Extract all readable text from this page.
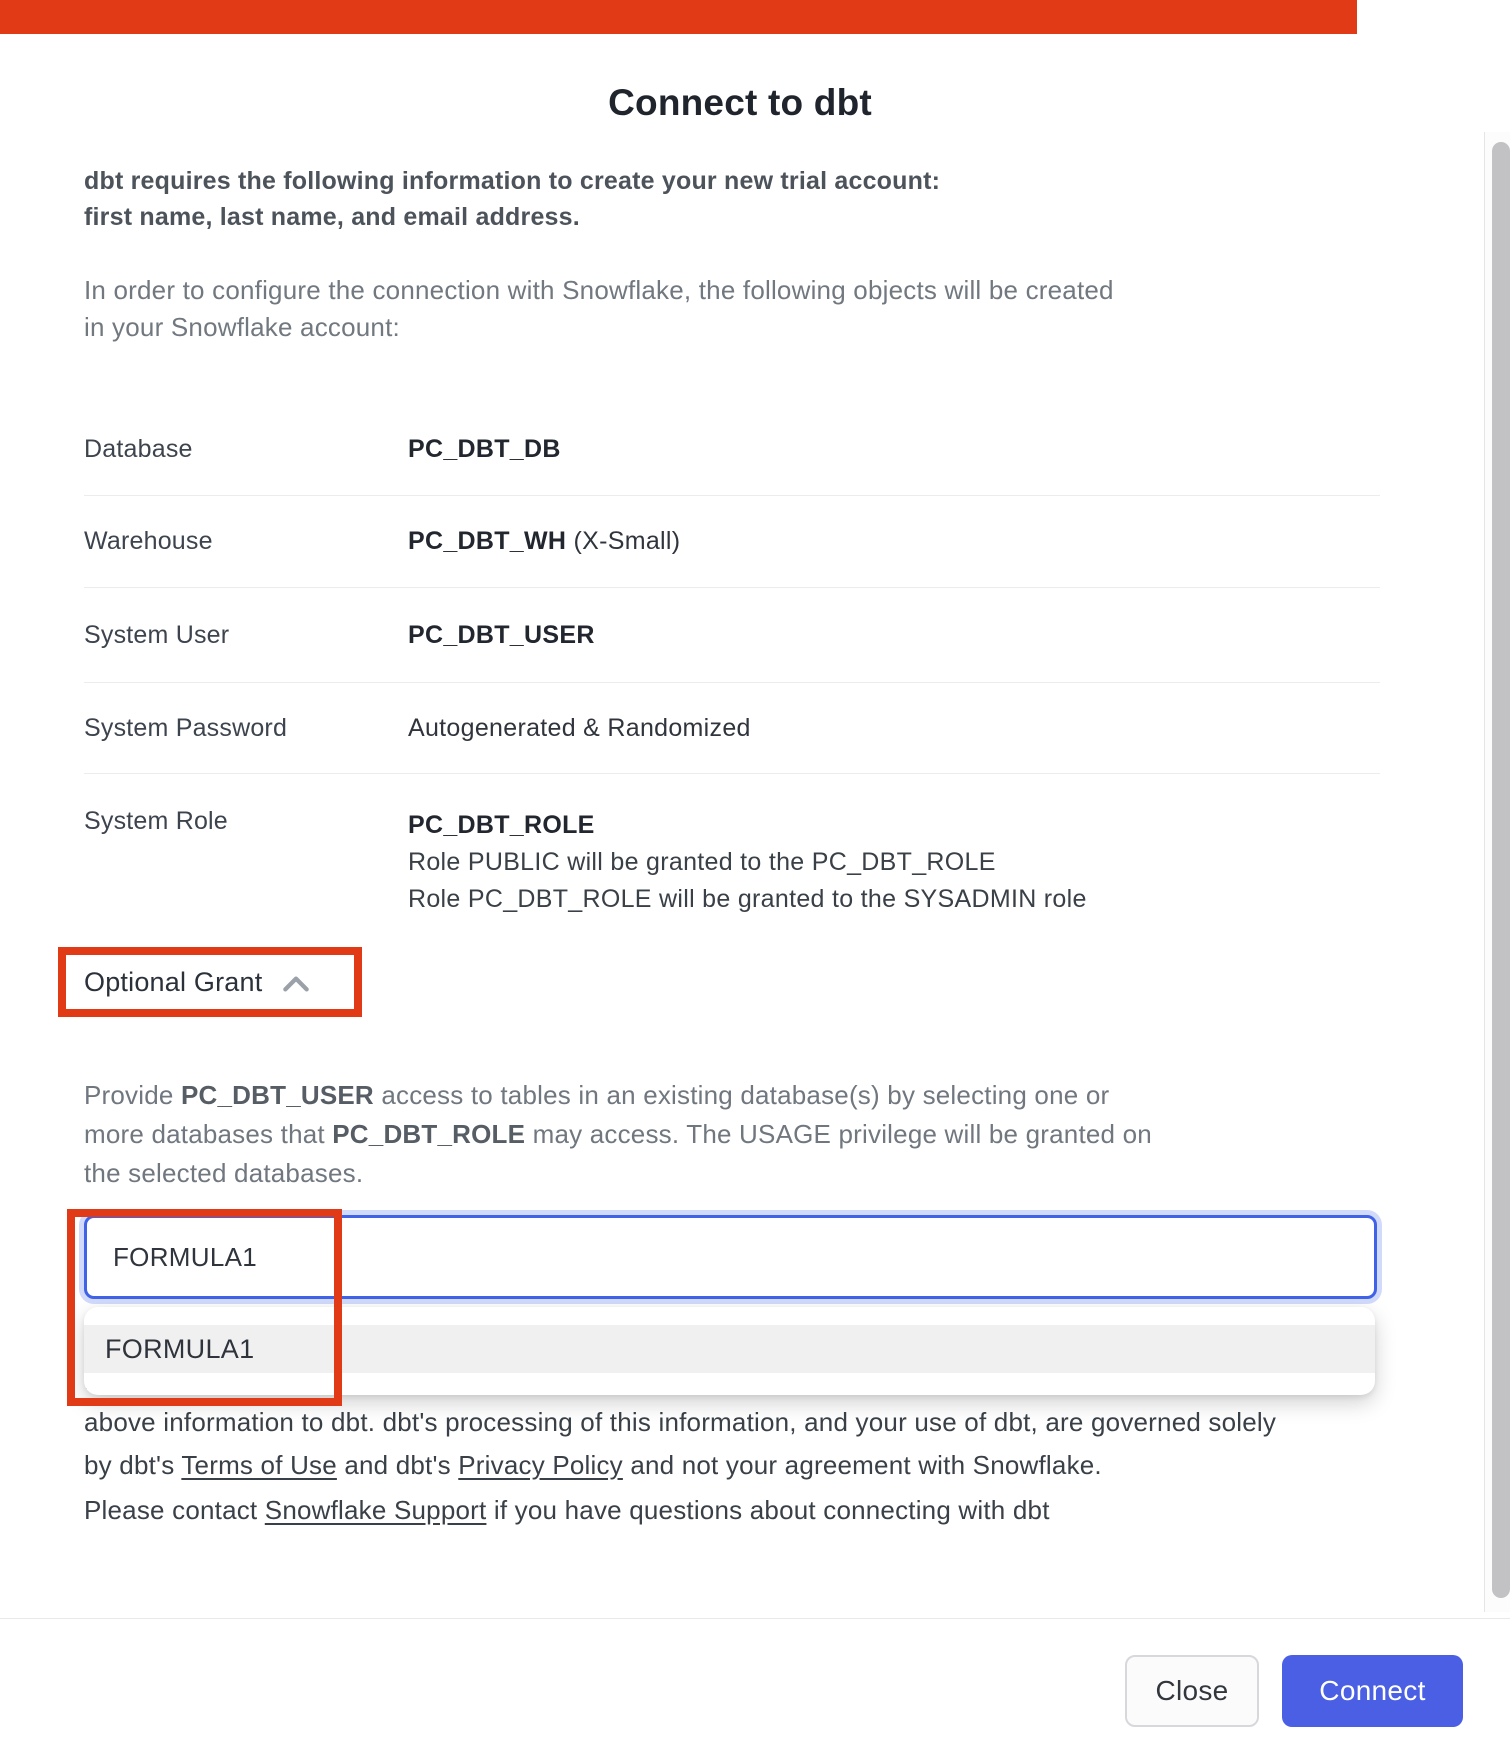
Connect to dbt
dbt requires the following information to create your new trial account:
first name, last name, and email address.
In order to configure the connection with Snowflake, the following objects will be created
in your Snowflake account:
Database	PC_DBT_DB
Warehouse	PC_DBT_WH (X-Small)
System User	PC_DBT_USER
System Password	Autogenerated & Randomized
System Role	PC_DBT_ROLE
Role PUBLIC will be granted to the PC_DBT_ROLE
Role PC_DBT_ROLE will be granted to the SYSADMIN role
Optional Grant
Provide PC_DBT_USER access to tables in an existing database(s) by selecting one or
more databases that PC_DBT_ROLE may access. The USAGE privilege will be granted on
the selected databases.
above information to dbt. dbt's processing of this information, and your use of dbt, are governed solely
by dbt's Terms of Use and dbt's Privacy Policy and not your agreement with Snowflake.
Please contact Snowflake Support if you have questions about connecting with dbt
FORMULA1
FORMULA1
Close	Connect
